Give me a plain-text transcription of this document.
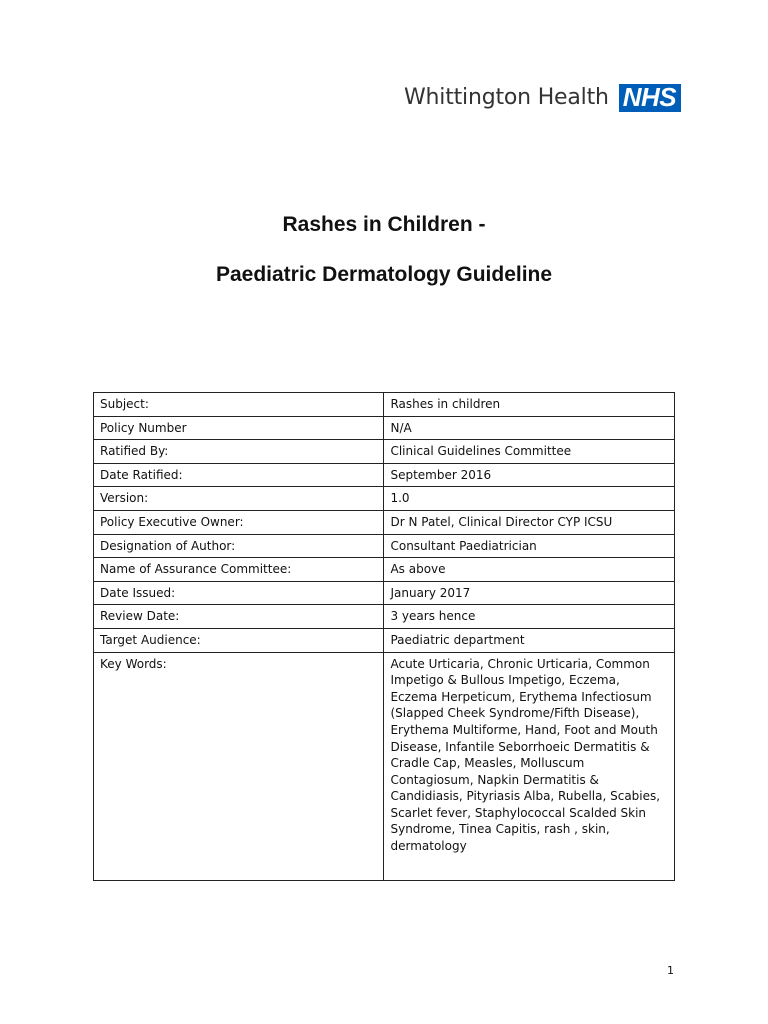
Whittington Health NHS
Rashes in Children -
Paediatric Dermatology Guideline
Subject:	Rashes in children
Policy Number	N/A
Ratified By:	Clinical Guidelines Committee
Date Ratified:	September 2016
Version:	1.0
Policy Executive Owner:	Dr N Patel, Clinical Director CYP ICSU
Designation of Author:	Consultant Paediatrician
Name of Assurance Committee:	As above
Date Issued:	January 2017
Review Date:	3 years hence
Target Audience:	Paediatric department
Key Words:	Acute Urticaria, Chronic Urticaria, Common Impetigo & Bullous Impetigo, Eczema, Eczema Herpeticum, Erythema Infectiosum (Slapped Cheek Syndrome/Fifth Disease), Erythema Multiforme, Hand, Foot and Mouth Disease, Infantile Seborrhoeic Dermatitis & Cradle Cap, Measles, Molluscum Contagiosum, Napkin Dermatitis & Candidiasis, Pityriasis Alba, Rubella, Scabies, Scarlet fever, Staphylococcal Scalded Skin Syndrome, Tinea Capitis, rash , skin, dermatology
1
